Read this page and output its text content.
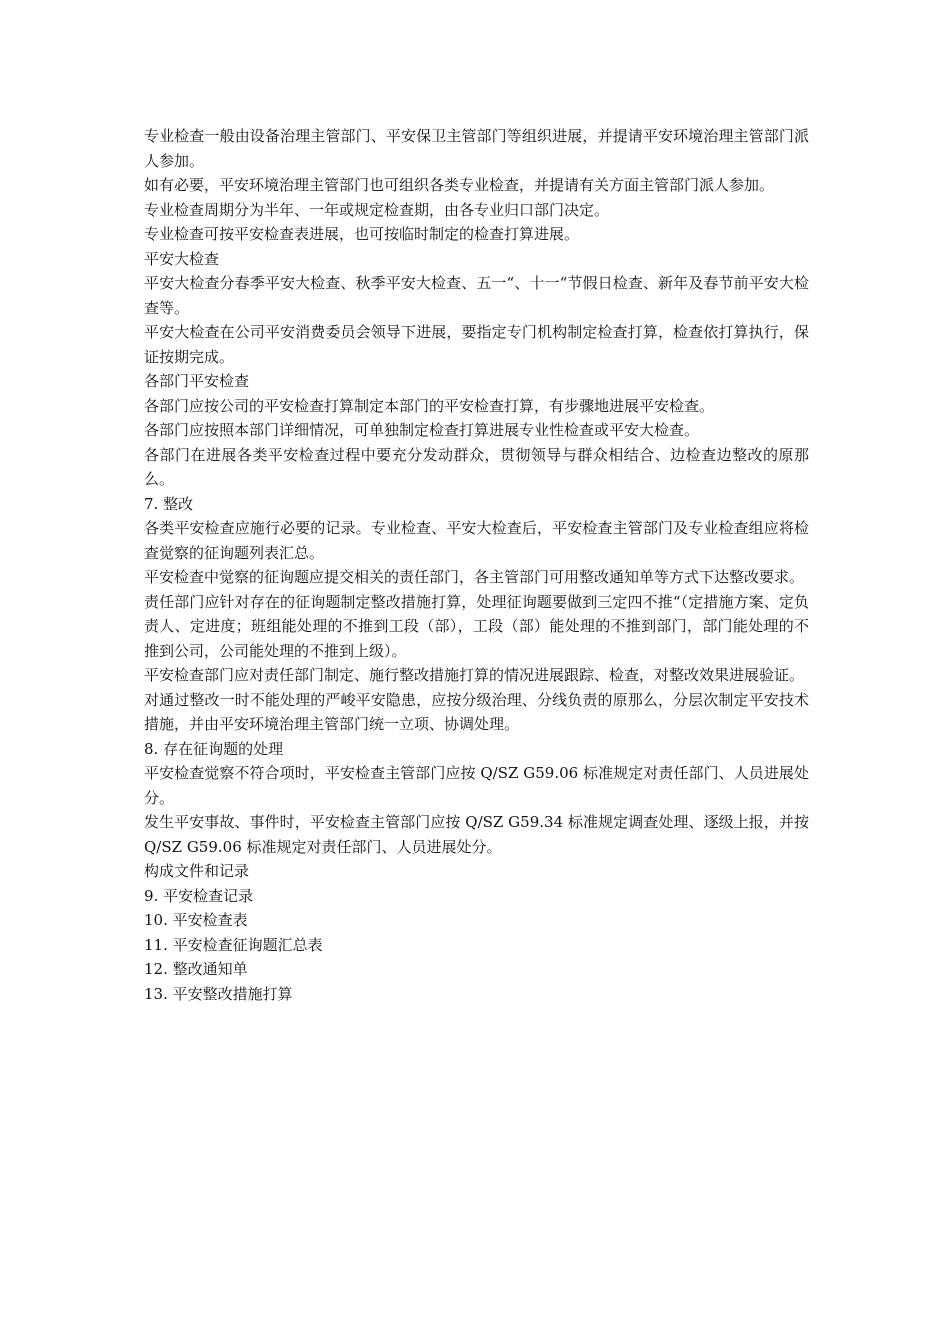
专业检查一般由设备治理主管部门、平安保卫主管部门等组织进展，并提请平安环境治理主管部门派人参加。

如有必要，平安环境治理主管部门也可组织各类专业检查，并提请有关方面主管部门派人参加。

专业检查周期分为半年、一年或规定检查期，由各专业归口部门决定。

专业检查可按平安检查表进展，也可按临时制定的检查打算进展。

平安大检查

平安大检查分春季平安大检查、秋季平安大检查、五一“、十一“节假日检查、新年及春节前平安大检查等。

平安大检查在公司平安消费委员会领导下进展，要指定专门机构制定检查打算，检查依打算执行，保证按期完成。

各部门平安检查

各部门应按公司的平安检查打算制定本部门的平安检查打算，有步骤地进展平安检查。

各部门应按照本部门详细情况，可单独制定检查打算进展专业性检查或平安大检查。

各部门在进展各类平安检查过程中要充分发动群众，贯彻领导与群众相结合、边检查边整改的原那么。

7. 整改

各类平安检查应施行必要的记录。专业检查、平安大检查后，平安检查主管部门及专业检查组应将检查觉察的征询题列表汇总。

平安检查中觉察的征询题应提交相关的责任部门，各主管部门可用整改通知单等方式下达整改要求。

责任部门应针对存在的征询题制定整改措施打算，处理征询题要做到三定四不推“（定措施方案、定负责人、定进度；班组能处理的不推到工段（部），工段（部）能处理的不推到部门，部门能处理的不推到公司，公司能处理的不推到上级）。

平安检查部门应对责任部门制定、施行整改措施打算的情况进展跟踪、检查，对整改效果进展验证。

对通过整改一时不能处理的严峻平安隐患，应按分级治理、分线负责的原那么，分层次制定平安技术措施，并由平安环境治理主管部门统一立项、协调处理。

8. 存在征询题的处理

平安检查觉察不符合项时，平安检查主管部门应按 Q/SZ G59.06 标准规定对责任部门、人员进展处分。

发生平安事故、事件时，平安检查主管部门应按 Q/SZ G59.34 标准规定调查处理、逐级上报，并按 Q/SZ G59.06 标准规定对责任部门、人员进展处分。

构成文件和记录

9. 平安检查记录

10. 平安检查表

11. 平安检查征询题汇总表

12. 整改通知单

13. 平安整改措施打算
